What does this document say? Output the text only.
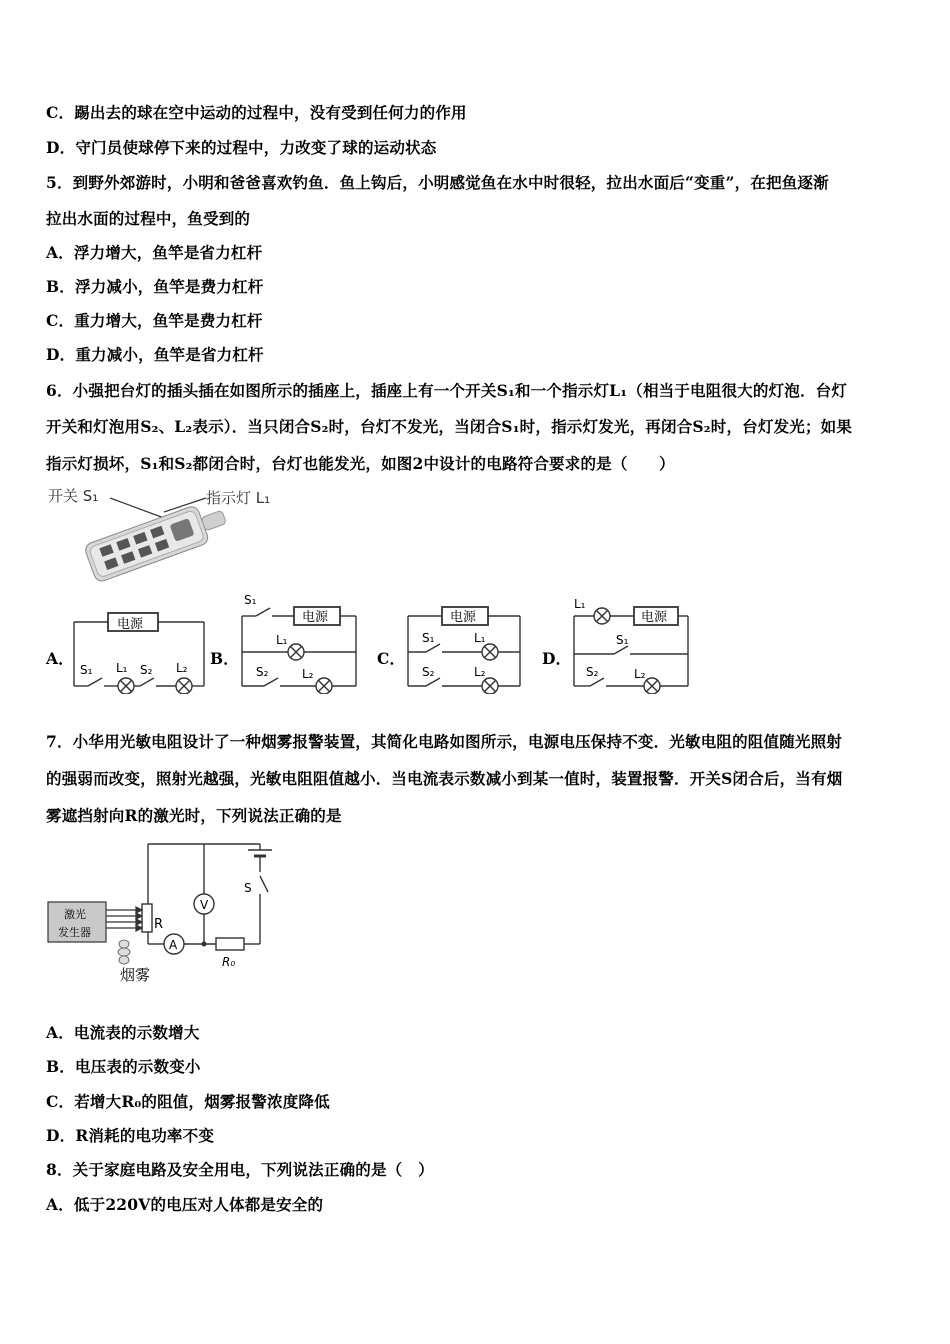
C．踢出去的球在空中运动的过程中，没有受到任何力的作用
D．守门员使球停下来的过程中，力改变了球的运动状态
5．到野外郊游时，小明和爸爸喜欢钓鱼．鱼上钩后，小明感觉鱼在水中时很轻，拉出水面后“变重”，在把鱼逐渐
拉出水面的过程中，鱼受到的
A．浮力增大，鱼竿是省力杠杆
B．浮力减小，鱼竿是费力杠杆
C．重力增大，鱼竿是费力杠杆
D．重力减小，鱼竿是省力杠杆
6．小强把台灯的插头插在如图所示的插座上，插座上有一个开关S₁和一个指示灯L₁（相当于电阻很大的灯泡．台灯
开关和灯泡用S₂、L₂表示）．当只闭合S₂时，台灯不发光，当闭合S₁时，指示灯发光，再闭合S₂时，台灯发光；如果
指示灯损坏，S₁和S₂都闭合时，台灯也能发光，如图2中设计的电路符合要求的是（　　）
开关 S₁	指示灯 L₁
A．	B．	C．	D．
电源
S₁ L₁ S₂ L₂
电源
S₁
L₁
S₂	L₂
电源
S₁	L₁
S₂	L₂
电源
L₁
S₁
S₂	L₂
7．小华用光敏电阻设计了一种烟雾报警装置，其简化电路如图所示，电源电压保持不变．光敏电阻的阻值随光照射
的强弱而改变，照射光越强，光敏电阻阻值越小．当电流表示数减小到某一值时，装置报警．开关S闭合后，当有烟
雾遮挡射向R的激光时，下列说法正确的是
激光
发生器
R
V
A
R₀
S
烟雾
A．电流表的示数增大
B．电压表的示数变小
C．若增大R₀的阻值，烟雾报警浓度降低
D．R消耗的电功率不变
8．关于家庭电路及安全用电，下列说法正确的是（　）
A．低于220V的电压对人体都是安全的
